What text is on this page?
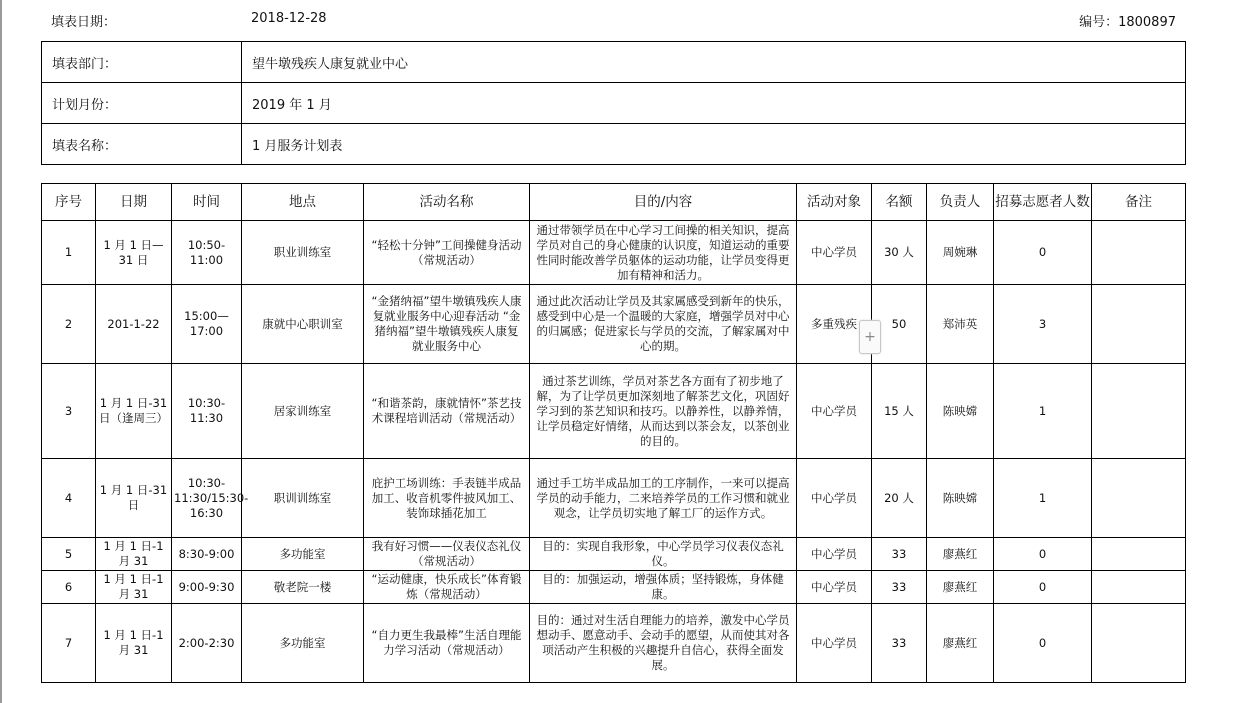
填表日期：	2018-12-28	编号：1800897
填表部门：	望牛墩残疾人康复就业中心
计划月份：	2019 年 1 月
填表名称：	1 月服务计划表
序号	日期	时间	地点	活动名称	目的/内容	活动对象	名额	负责人	招募志愿者人数	备注
1	1 月 1 日—31 日	10:50-11:00	职业训练室	“轻松十分钟”工间操健身活动（常规活动）	通过带领学员在中心学习工间操的相关知识，提高学员对自己的身心健康的认识度，知道运动的重要性同时能改善学员躯体的运动功能，让学员变得更加有精神和活力。	中心学员	30 人	周婉琳	0	
2	201-1-22	15:00—17:00	康就中心职训室	“金猪纳福”望牛墩镇残疾人康复就业服务中心迎春活动 “金猪纳福”望牛墩镇残疾人康复就业服务中心	通过此次活动让学员及其家属感受到新年的快乐，感受到中心是一个温暖的大家庭，增强学员对中心的归属感；促进家长与学员的交流，了解家属对中心的期。	多重残疾	50	郑沛英	3	
3	1 月 1 日-31 日（逢周三）	10:30-11:30	居家训练室	“和谐茶韵，康就情怀”茶艺技术课程培训活动（常规活动）	通过茶艺训练，学员对茶艺各方面有了初步地了解，为了让学员更加深刻地了解茶艺文化，巩固好学习到的茶艺知识和技巧。以静养性，以静养情，让学员稳定好情绪，从而达到以茶会友，以茶创业的目的。	中心学员	15 人	陈映嫦	1	
4	1 月 1 日-31 日	10:30-11:30/15:30-16:30	职训训练室	庇护工场训练：手表链半成品加工、收音机零件披风加工、装饰球插花加工	通过手工坊半成品加工的工序制作，一来可以提高学员的动手能力，二来培养学员的工作习惯和就业观念，让学员切实地了解工厂的运作方式。	中心学员	20 人	陈映嫦	1	
5	1 月 1 日-1 月 31	8:30-9:00	多功能室	我有好习惯——仪表仪态礼仪（常规活动）	目的：实现自我形象，中心学员学习仪表仪态礼仪。	中心学员	33	廖燕红	0	
6	1 月 1 日-1 月 31	9:00-9:30	敬老院一楼	“运动健康，快乐成长”体育锻炼（常规活动）	目的：加强运动，增强体质；坚持锻炼，身体健康。	中心学员	33	廖燕红	0	
7	1 月 1 日-1 月 31	2:00-2:30	多功能室	“自力更生我最棒”生活自理能力学习活动（常规活动）	目的：通过对生活自理能力的培养，激发中心学员想动手、愿意动手、会动手的愿望，从而使其对各项活动产生积极的兴趣提升自信心，获得全面发展。	中心学员	33	廖燕红	0	
+
